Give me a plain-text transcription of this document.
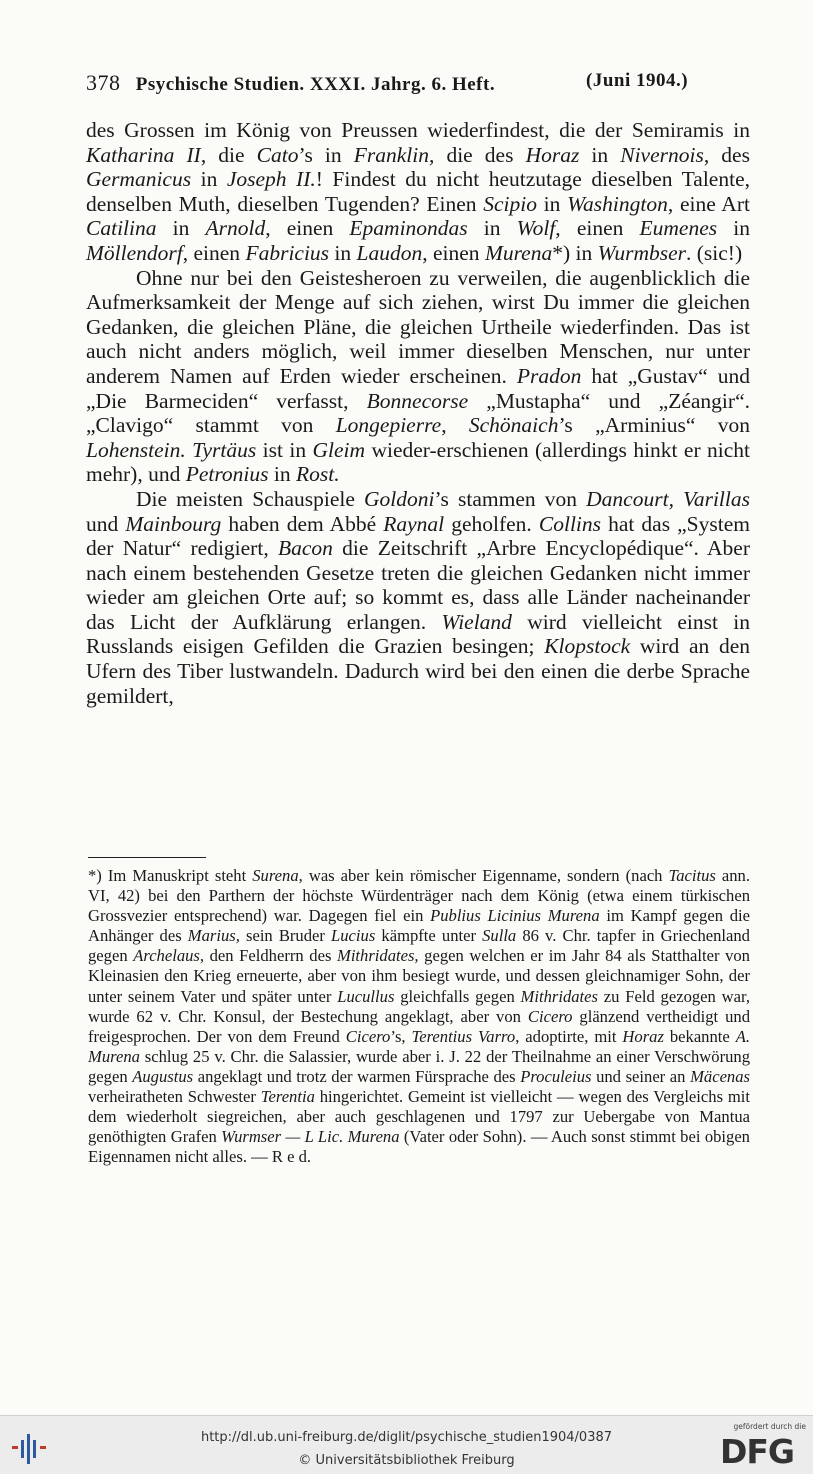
378 Psychische Studien. XXXI. Jahrg. 6. Heft.	(Juni 1904.)

des Grossen im König von Preussen wiederfindest, die der Semiramis in Katharina II, die Cato’s in Franklin, die des Horaz in Nivernois, des Germanicus in Joseph II.! Findest du nicht heutzutage dieselben Talente, denselben Muth, dieselben Tugenden? Einen Scipio in Washington, eine Art Catilina in Arnold, einen Epaminondas in Wolf, einen Eumenes in Möllendorf, einen Fabricius in Laudon, einen Murena*) in Wurmbser. (sic!)

Ohne nur bei den Geistesheroen zu verweilen, die augenblicklich die Aufmerksamkeit der Menge auf sich ziehen, wirst Du immer die gleichen Gedanken, die gleichen Pläne, die gleichen Urtheile wiederfinden. Das ist auch nicht anders möglich, weil immer dieselben Menschen, nur unter anderem Namen auf Erden wieder erscheinen. Pradon hat „Gustav“ und „Die Barmeciden“ verfasst, Bonnecorse „Mustapha“ und „Zéangir“. „Clavigo“ stammt von Longepierre, Schönaich’s „Arminius“ von Lohenstein. Tyrtäus ist in Gleim wieder-erschienen (allerdings hinkt er nicht mehr), und Petronius in Rost.

Die meisten Schauspiele Goldoni’s stammen von Dancourt, Varillas und Mainbourg haben dem Abbé Raynal geholfen. Collins hat das „System der Natur“ redigiert, Bacon die Zeitschrift „Arbre Encyclopédique“. Aber nach einem bestehenden Gesetze treten die gleichen Gedanken nicht immer wieder am gleichen Orte auf; so kommt es, dass alle Länder nacheinander das Licht der Aufklärung erlangen. Wieland wird vielleicht einst in Russlands eisigen Gefilden die Grazien besingen; Klopstock wird an den Ufern des Tiber lustwandeln. Dadurch wird bei den einen die derbe Sprache gemildert,

*) Im Manuskript steht Surena, was aber kein römischer Eigenname, sondern (nach Tacitus ann. VI, 42) bei den Parthern der höchste Würdenträger nach dem König (etwa einem türkischen Grossvezier entsprechend) war. Dagegen fiel ein Publius Licinius Murena im Kampf gegen die Anhänger des Marius, sein Bruder Lucius kämpfte unter Sulla 86 v. Chr. tapfer in Griechenland gegen Archelaus, den Feldherrn des Mithridates, gegen welchen er im Jahr 84 als Statthalter von Kleinasien den Krieg erneuerte, aber von ihm besiegt wurde, und dessen gleichnamiger Sohn, der unter seinem Vater und später unter Lucullus gleichfalls gegen Mithridates zu Feld gezogen war, wurde 62 v. Chr. Konsul, der Bestechung angeklagt, aber von Cicero glänzend vertheidigt und freigesprochen. Der von dem Freund Cicero’s, Terentius Varro, adoptirte, mit Horaz bekannte A. Murena schlug 25 v. Chr. die Salassier, wurde aber i. J. 22 der Theilnahme an einer Verschwörung gegen Augustus angeklagt und trotz der warmen Fürsprache des Proculeius und seiner an Mäcenas verheiratheten Schwester Terentia hingerichtet. Gemeint ist vielleicht — wegen des Vergleichs mit dem wiederholt siegreichen, aber auch geschlagenen und 1797 zur Uebergabe von Mantua genöthigten Grafen Wurmser — L Lic. Murena (Vater oder Sohn). — Auch sonst stimmt bei obigen Eigennamen nicht alles. — R e d.
http://dl.ub.uni-freiburg.de/diglit/psychische_studien1904/0387
© Universitätsbibliothek Freiburg
gefördert durch die
DFG
